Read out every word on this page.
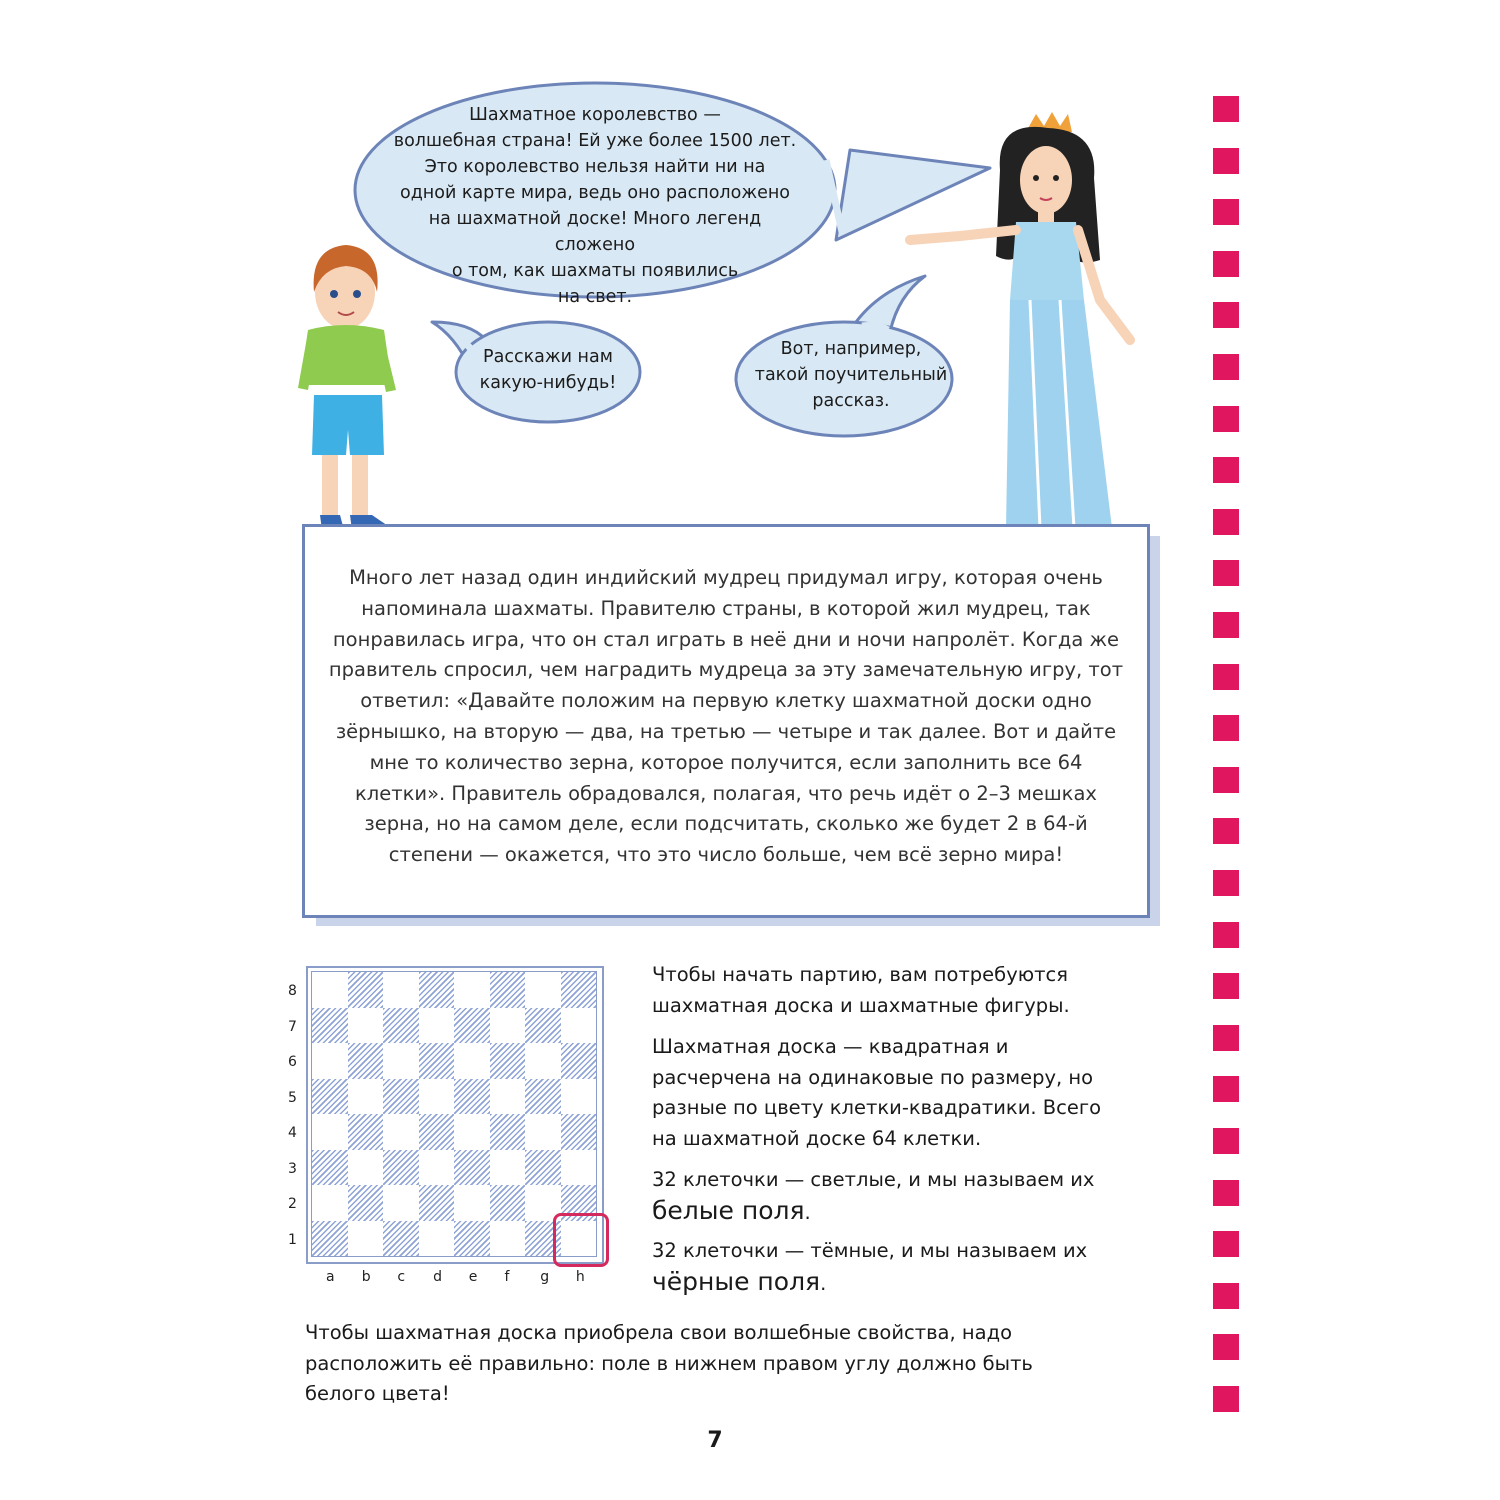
Шахматное королевство —
волшебная страна! Ей уже более 1500 лет.
Это королевство нельзя найти ни на
одной карте мира, ведь оно расположено
на шахматной доске! Много легенд сложено
о том, как шахматы появились
на свет.
Расскажи нам
какую-нибудь!
Вот, например,
такой поучительный
рассказ.
Много лет назад один индийский мудрец придумал игру, которая очень напоминала шахматы. Правителю страны, в которой жил мудрец, так понравилась игра, что он стал играть в неё дни и ночи напролёт. Когда же правитель спросил, чем наградить мудреца за эту замечательную игру, тот ответил: «Давайте положим на первую клетку шахматной доски одно зёрнышко, на вторую — два, на третью — четыре и так далее. Вот и дайте мне то количество зерна, которое получится, если заполнить все 64 клетки». Правитель обрадовался, полагая, что речь идёт о 2–3 мешках зерна, но на самом деле, если подсчитать, сколько же будет 2 в 64-й степени — окажется, что это число больше, чем всё зерно мира!
8
7
6
5
4
3
2
1
a b c d e f g h
Чтобы начать партию, вам потребуются шахматная доска и шахматные фигуры.
Шахматная доска — квадратная и расчерчена на одинаковые по размеру, но разные по цвету клетки-квадратики. Всего на шахматной доске 64 клетки.
32 клеточки — светлые, и мы называем их
белые поля.
32 клеточки — тёмные, и мы называем их
чёрные поля.
Чтобы шахматная доска приобрела свои волшебные свойства, надо расположить её правильно: поле в нижнем правом углу должно быть белого цвета!
7
